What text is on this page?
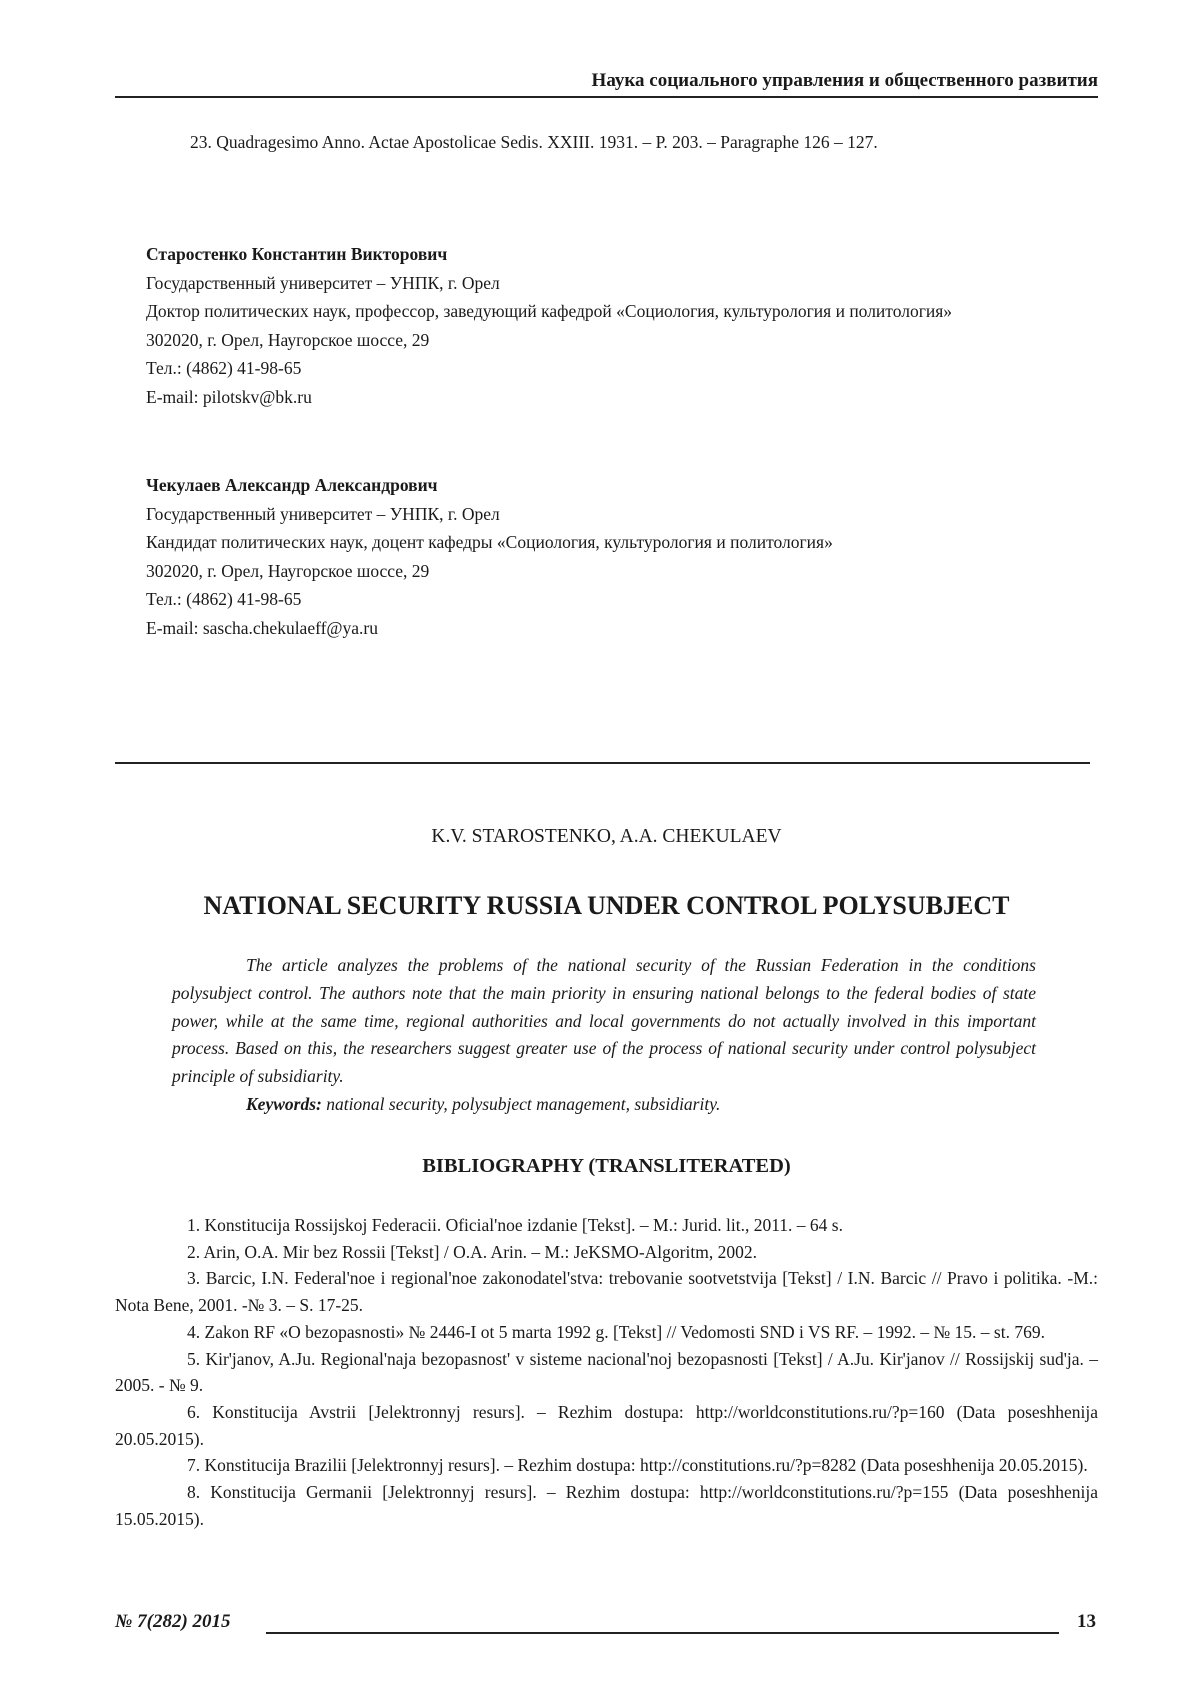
Наука социального управления и общественного развития
23. Quadragesimo Anno. Actae Apostolicae Sedis. XXIII. 1931. – P. 203. – Paragraphe 126 – 127.
Старостенко Константин Викторович
Государственный университет – УНПК, г. Орел
Доктор политических наук, профессор, заведующий кафедрой «Социология, культурология и политология»
302020, г. Орел, Наугорское шоссе, 29
Тел.: (4862) 41-98-65
E-mail: pilotskv@bk.ru
Чекулаев Александр Александрович
Государственный университет – УНПК, г. Орел
Кандидат политических наук, доцент кафедры «Социология, культурология и политология»
302020, г. Орел, Наугорское шоссе, 29
Тел.: (4862) 41-98-65
E-mail: sascha.chekulaeff@ya.ru
K.V. STAROSTENKO, A.A. CHEKULAEV
NATIONAL SECURITY RUSSIA UNDER CONTROL POLYSUBJECT

The article analyzes the problems of the national security of the Russian Federation in the conditions polysubject control. The authors note that the main priority in ensuring national belongs to the federal bodies of state power, while at the same time, regional authorities and local governments do not actually involved in this important process. Based on this, the researchers suggest greater use of the process of national security under control polysubject principle of subsidiarity.

Keywords: national security, polysubject management, subsidiarity.

BIBLIOGRAPHY (TRANSLITERATED)

1. Konstitucija Rossijskoj Federacii. Oficial'noe izdanie [Tekst]. – M.: Jurid. lit., 2011. – 64 s.

2. Arin, O.A. Mir bez Rossii [Tekst] / O.A. Arin. – M.: JeKSMO-Algoritm, 2002.

3. Barcic, I.N. Federal'noe i regional'noe zakonodatel'stva: trebovanie sootvetstvija [Tekst] / I.N. Barcic // Pravo i politika. -M.: Nota Bene, 2001. -№ 3. – S. 17-25.

4. Zakon RF «O bezopasnosti» № 2446-I ot 5 marta 1992 g. [Tekst] // Vedomosti SND i VS RF. – 1992. – № 15. – st. 769.

5. Kir'janov, A.Ju. Regional'naja bezopasnost' v sisteme nacional'noj bezopasnosti [Tekst] / A.Ju. Kir'janov // Rossijskij sud'ja. – 2005. - № 9.

6. Konstitucija Avstrii [Jelektronnyj resurs]. – Rezhim dostupa: http://worldconstitutions.ru/?p=160 (Data poseshhenija 20.05.2015).

7. Konstitucija Brazilii [Jelektronnyj resurs]. – Rezhim dostupa: http://constitutions.ru/?p=8282 (Data poseshhenija 20.05.2015).

8. Konstitucija Germanii [Jelektronnyj resurs]. – Rezhim dostupa: http://worldconstitutions.ru/?p=155 (Data poseshhenija 15.05.2015).

№ 7(282) 2015	13
